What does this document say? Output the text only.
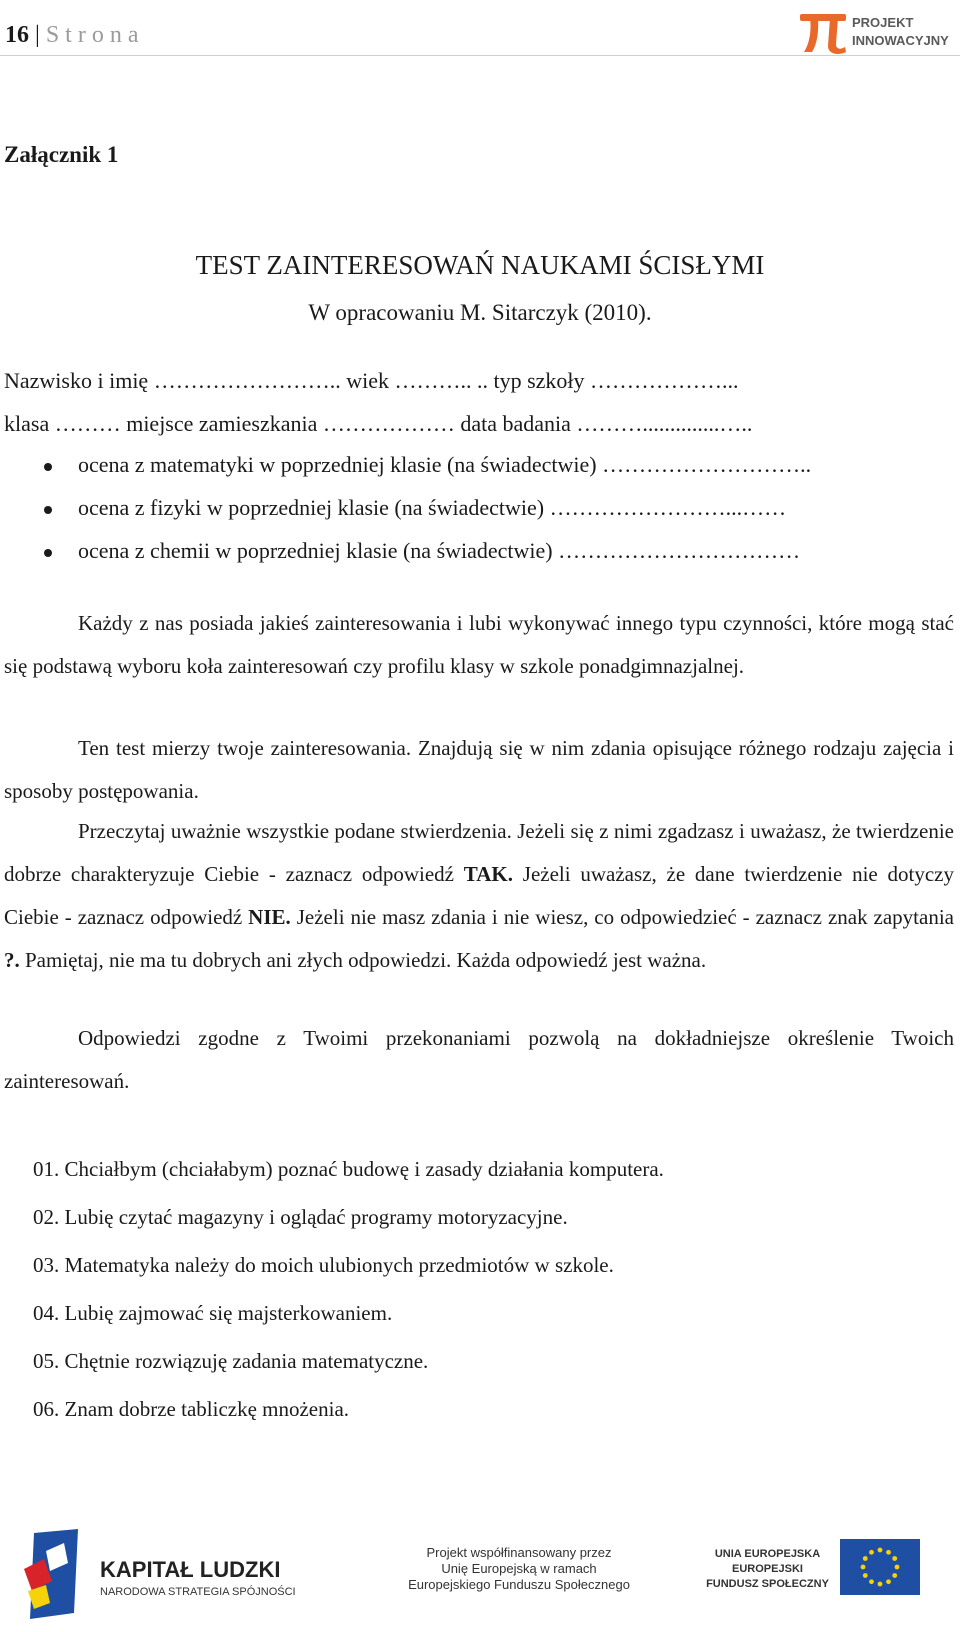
16 | Strona	PROJEKT
INNOWACYJNY
Załącznik 1
TEST ZAINTERESOWAŃ NAUKAMI ŚCISŁYMI
W opracowaniu M. Sitarczyk (2010).
Nazwisko i imię …………………….. wiek ……….. .. typ szkoły ………………...
klasa ……… miejsce zamieszkania ……………… data badania ………..............…..
ocena z matematyki w poprzedniej klasie (na świadectwie) ………………………..
ocena z fizyki w poprzedniej klasie (na świadectwie) ……………………...……
ocena z chemii w poprzedniej klasie (na świadectwie) ……………………………

Każdy z nas posiada jakieś zainteresowania i lubi wykonywać innego typu czynności, które mogą stać się podstawą wyboru koła zainteresowań czy profilu klasy w szkole ponadgimnazjalnej.

Ten test mierzy twoje zainteresowania. Znajdują się w nim zdania opisujące różnego rodzaju zajęcia i sposoby postępowania.

Przeczytaj uważnie wszystkie podane stwierdzenia. Jeżeli się z nimi zgadzasz i uważasz, że twierdzenie dobrze charakteryzuje Ciebie - zaznacz odpowiedź TAK. Jeżeli uważasz, że dane twierdzenie nie dotyczy Ciebie - zaznacz odpowiedź NIE. Jeżeli nie masz zdania i nie wiesz, co odpowiedzieć - zaznacz znak zapytania ?. Pamiętaj, nie ma tu dobrych ani złych odpowiedzi. Każda odpowiedź jest ważna.

Odpowiedzi zgodne z Twoimi przekonaniami pozwolą na dokładniejsze określenie Twoich zainteresowań.

01. Chciałbym (chciałabym) poznać budowę i zasady działania komputera.
02. Lubię czytać magazyny i oglądać programy motoryzacyjne.
03. Matematyka należy do moich ulubionych przedmiotów w szkole.
04. Lubię zajmować się majsterkowaniem.
05. Chętnie rozwiązuję zadania matematyczne.
06. Znam dobrze tabliczkę mnożenia.
KAPITAŁ LUDZKI
NARODOWA STRATEGIA SPÓJNOŚCI
Projekt współfinansowany przez
Unię Europejską w ramach
Europejskiego Funduszu Społecznego
UNIA EUROPEJSKA
EUROPEJSKI
FUNDUSZ SPOŁECZNY
